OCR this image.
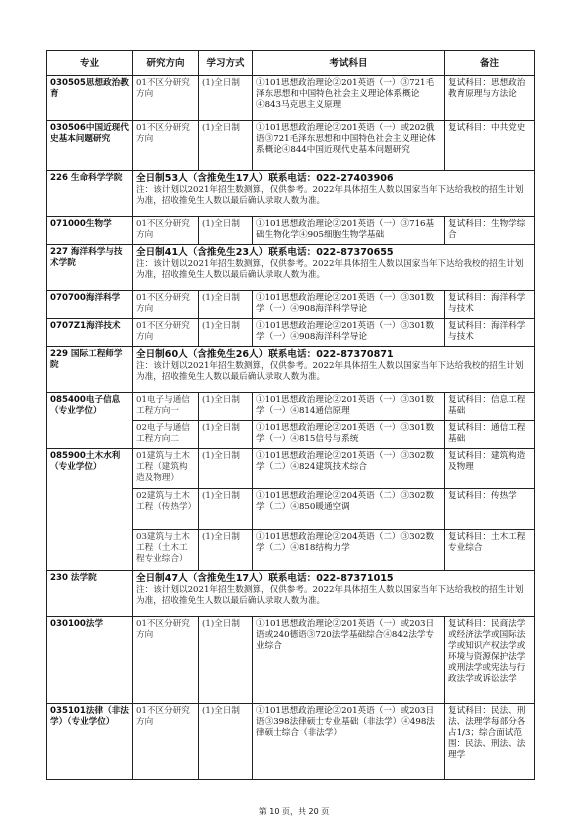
专业	研究方向	学习方式	考试科目	备注
030505思想政治教育	01不区分研究方向	(1)全日制	①101思想政治理论②201英语（一）③721毛泽东思想和中国特色社会主义理论体系概论④843马克思主义原理	复试科目：思想政治教育原理与方法论
030506中国近现代史基本问题研究	01不区分研究方向	(1)全日制	①101思想政治理论②201英语（一）或202俄语③721毛泽东思想和中国特色社会主义理论体系概论④844中国近现代史基本问题研究	复试科目：中共党史
226 生命科学学院	全日制53人（含推免生17人）联系电话：022-27403906
注：该计划以2021年招生数测算，仅供参考。2022年具体招生人数以国家当年下达给我校的招生计划为准，招收推免生人数以最后确认录取人数为准。			

071000生物学	01不区分研究方向	(1)全日制	①101思想政治理论②201英语（一）③716基础生物化学④905细胞生物学基础	复试科目：生物学综合
227 海洋科学与技术学院	全日制41人（含推免生23人）联系电话：022-87370655
注：该计划以2021年招生数测算，仅供参考。2022年具体招生人数以国家当年下达给我校的招生计划为准，招收推免生人数以最后确认录取人数为准。			

070700海洋科学	01不区分研究方向	(1)全日制	①101思想政治理论②201英语（一）③301数学（一）④908海洋科学导论	复试科目：海洋科学与技术
0707Z1海洋技术	01不区分研究方向	(1)全日制	①101思想政治理论②201英语（一）③301数学（一）④908海洋科学导论	复试科目：海洋科学与技术
229 国际工程师学院	全日制60人（含推免生26人）联系电话：022-87370871
注：该计划以2021年招生数测算，仅供参考。2022年具体招生人数以国家当年下达给我校的招生计划为准，招收推免生人数以最后确认录取人数为准。			

085400电子信息（专业学位）	01电子与通信工程方向一	(1)全日制	①101思想政治理论②201英语（一）③301数学（一）④814通信原理	复试科目：信息工程基础
	02电子与通信工程方向二	(1)全日制	①101思想政治理论②201英语（一）③301数学（一）④815信号与系统	复试科目：通信工程基础
085900土木水利（专业学位）	01建筑与土木工程（建筑构造及物理）	(1)全日制	①101思想政治理论②201英语（一）③302数学（二）④824建筑技术综合	复试科目：建筑构造及物理
	02建筑与土木工程（传热学）	(1)全日制	①101思想政治理论②204英语（二）③302数学（二）④850暖通空调	复试科目：传热学
	03建筑与土木工程（土木工程专业综合）	(1)全日制	①101思想政治理论②204英语（二）③302数学（二）④818结构力学	复试科目：土木工程专业综合
230 法学院	全日制47人（含推免生17人）联系电话：022-87371015
注：该计划以2021年招生数测算，仅供参考。2022年具体招生人数以国家当年下达给我校的招生计划为准，招收推免生人数以最后确认录取人数为准。			

030100法学	01不区分研究方向	(1)全日制	①101思想政治理论②201英语（一）或203日语或240德语③720法学基础综合④842法学专业综合	复试科目：民商法学或经济法学或国际法学或知识产权法学或环境与资源保护法学或刑法学或宪法与行政法学或诉讼法学
035101法律（非法学）（专业学位）	01不区分研究方向	(1)全日制	①101思想政治理论②201英语（一）或203日语③398法律硕士专业基础（非法学）④498法律硕士综合（非法学）	复试科目：民法、刑法、法理学每部分各占1/3；综合面试范围：民法、刑法、法理学
第 10 页，共 20 页
